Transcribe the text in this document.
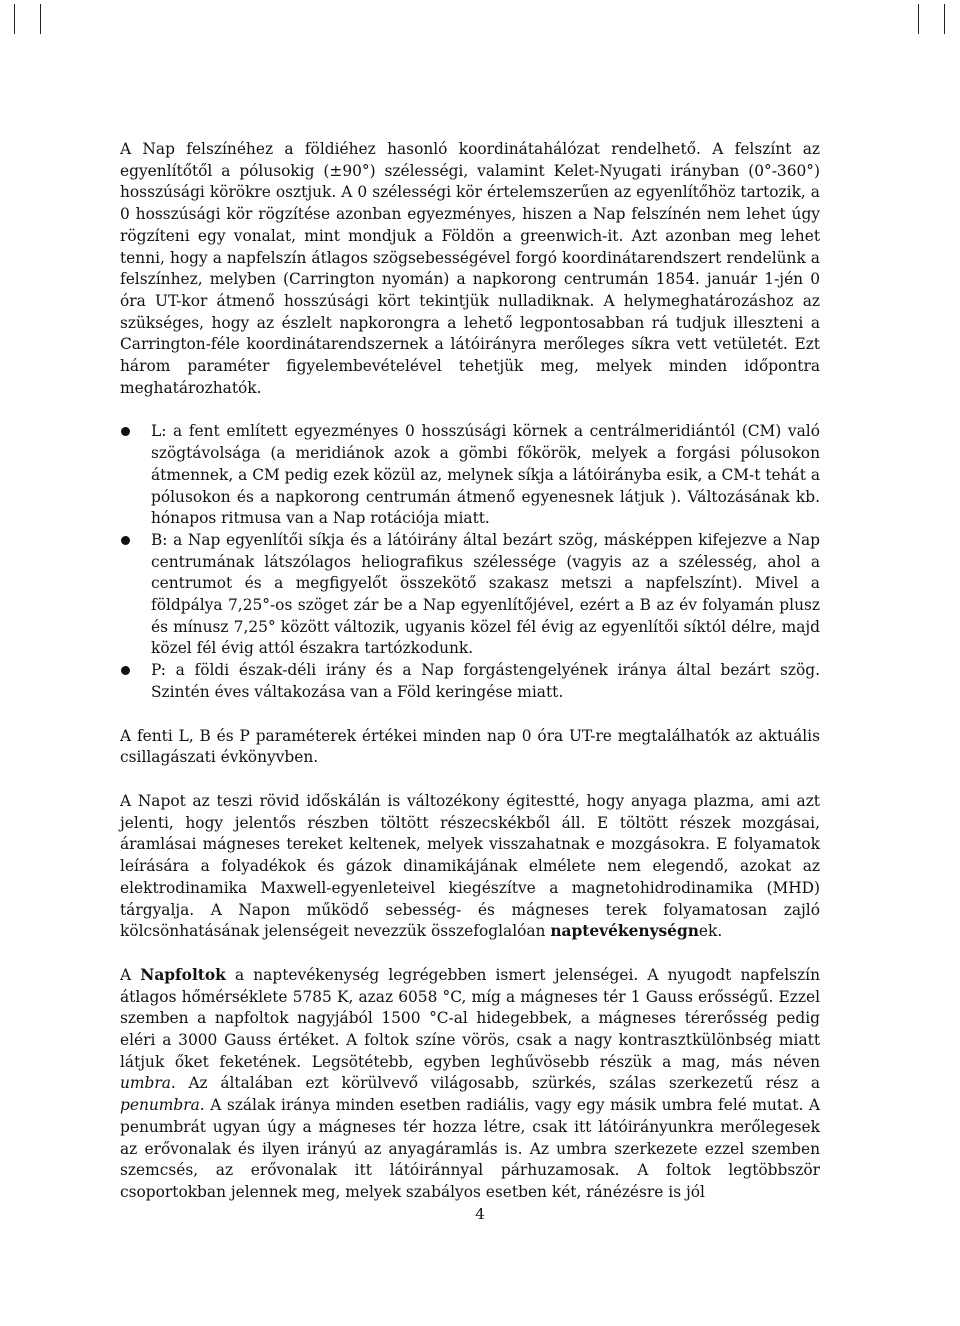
A Nap felszínéhez a földiéhez hasonló koordinátahálózat rendelhető. A felszínt az egyenlítőtől a pólusokig (±90°) szélességi, valamint Kelet-Nyugati irányban (0°-360°) hosszúsági körökre osztjuk. A 0 szélességi kör értelemszerűen az egyenlítőhöz tartozik, a 0 hosszúsági kör rögzítése azonban egyezményes, hiszen a Nap felszínén nem lehet úgy rögzíteni egy vonalat, mint mondjuk a Földön a greenwich-it. Azt azonban meg lehet tenni, hogy a napfelszín átlagos szögsebességével forgó koordinátarendszert rendelünk a felszínhez, melyben (Carrington nyomán) a napkorong centrumán 1854. január 1-jén 0 óra UT-kor átmenő hosszúsági kört tekintjük nulladiknak. A helymeghatározáshoz az szükséges, hogy az észlelt napkorongra a lehető legpontosabban rá tudjuk illeszteni a Carrington-féle koordinátarendszernek a látóirányra merőleges síkra vett vetületét. Ezt három paraméter figyelembevételével tehetjük meg, melyek minden időpontra meghatározhatók.

L: a fent említett egyezményes 0 hosszúsági körnek a centrálmeridiántól (CM) való szögtávolsága (a meridiánok azok a gömbi főkörök, melyek a forgási pólusokon átmennek, a CM pedig ezek közül az, melynek síkja a látóirányba esik, a CM-t tehát a pólusokon és a napkorong centrumán átmenő egyenesnek látjuk ). Változásának kb. hónapos ritmusa van a Nap rotációja miatt.
B: a Nap egyenlítői síkja és a látóirány által bezárt szög, másképpen kifejezve a Nap centrumának látszólagos heliografikus szélessége (vagyis az a szélesség, ahol a centrumot és a megfigyelőt összekötő szakasz metszi a napfelszínt). Mivel a földpálya 7,25°-os szöget zár be a Nap egyenlítőjével, ezért a B az év folyamán plusz és mínusz 7,25° között változik, ugyanis közel fél évig az egyenlítői síktól délre, majd közel fél évig attól északra tartózkodunk.
P: a földi észak-déli irány és a Nap forgástengelyének iránya által bezárt szög. Szintén éves váltakozása van a Föld keringése miatt.

A fenti L, B és P paraméterek értékei minden nap 0 óra UT-re megtalálhatók az aktuális csillagászati évkönyvben.

A Napot az teszi rövid időskálán is változékony égitestté, hogy anyaga plazma, ami azt jelenti, hogy jelentős részben töltött részecskékből áll. E töltött részek mozgásai, áramlásai mágneses tereket keltenek, melyek visszahatnak e mozgásokra. E folyamatok leírására a folyadékok és gázok dinamikájának elmélete nem elegendő, azokat az elektrodinamika Maxwell-egyenleteivel kiegészítve a magnetohidrodinamika (MHD) tárgyalja. A Napon működő sebesség- és mágneses terek folyamatosan zajló kölcsönhatásának jelenségeit nevezzük összefoglalóan naptevékenységnek.

A Napfoltok a naptevékenység legrégebben ismert jelenségei. A nyugodt napfelszín átlagos hőmérséklete 5785 K, azaz 6058 °C, míg a mágneses tér 1 Gauss erősségű. Ezzel szemben a napfoltok nagyjából 1500 °C-al hidegebbek, a mágneses térerősség pedig eléri a 3000 Gauss értéket. A foltok színe vörös, csak a nagy kontrasztkülönbség miatt látjuk őket feketének. Legsötétebb, egyben leghűvösebb részük a mag, más néven umbra. Az általában ezt körülvevő világosabb, szürkés, szálas szerkezetű rész a penumbra. A szálak iránya minden esetben radiális, vagy egy másik umbra felé mutat. A penumbrát ugyan úgy a mágneses tér hozza létre, csak itt látóirányunkra merőlegesek az erővonalak és ilyen irányú az anyagáramlás is. Az umbra szerkezete ezzel szemben szemcsés, az erővonalak itt látóiránnyal párhuzamosak. A foltok legtöbbször csoportokban jelennek meg, melyek szabályos esetben két, ránézésre is jól

4
